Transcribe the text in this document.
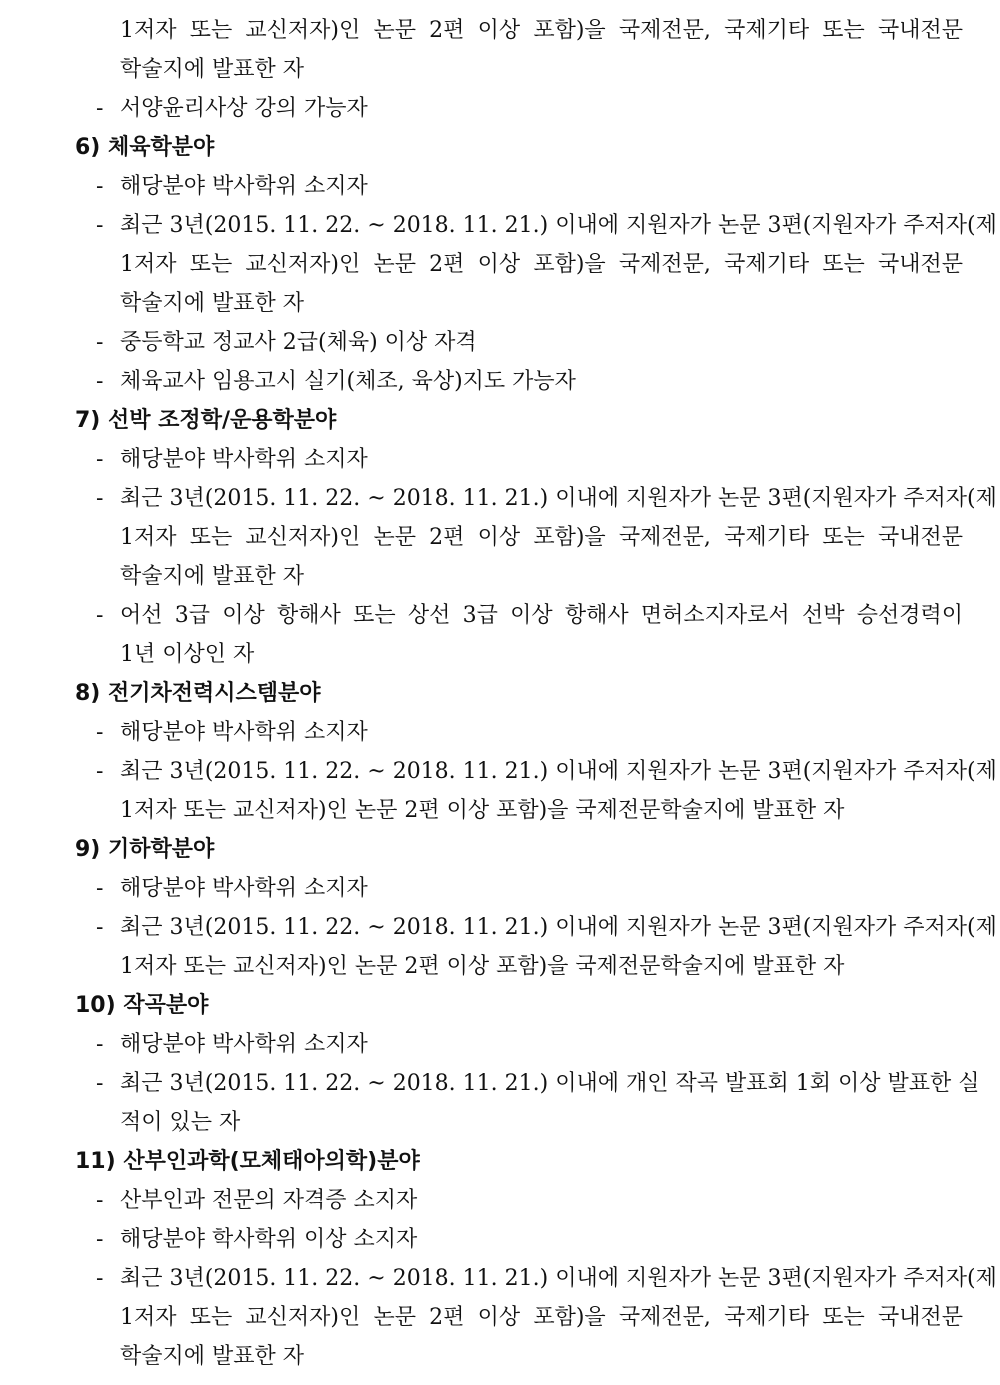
1저자 또는 교신저자)인 논문 2편 이상 포함)을 국제전문, 국제기타 또는 국내전문
학술지에 발표한 자
- 서양윤리사상 강의 가능자
6) 체육학분야
- 해당분야 박사학위 소지자
- 최근 3년(2015. 11. 22. ~ 2018. 11. 21.) 이내에 지원자가 논문 3편(지원자가 주저자(제
1저자 또는 교신저자)인 논문 2편 이상 포함)을 국제전문, 국제기타 또는 국내전문
학술지에 발표한 자
- 중등학교 정교사 2급(체육) 이상 자격
- 체육교사 임용고시 실기(체조, 육상)지도 가능자
7) 선박 조정학/운용학분야
- 해당분야 박사학위 소지자
- 최근 3년(2015. 11. 22. ~ 2018. 11. 21.) 이내에 지원자가 논문 3편(지원자가 주저자(제
1저자 또는 교신저자)인 논문 2편 이상 포함)을 국제전문, 국제기타 또는 국내전문
학술지에 발표한 자
- 어선 3급 이상 항해사 또는 상선 3급 이상 항해사 면허소지자로서 선박 승선경력이
1년 이상인 자
8) 전기차전력시스템분야
- 해당분야 박사학위 소지자
- 최근 3년(2015. 11. 22. ~ 2018. 11. 21.) 이내에 지원자가 논문 3편(지원자가 주저자(제
1저자 또는 교신저자)인 논문 2편 이상 포함)을 국제전문학술지에 발표한 자
9) 기하학분야
- 해당분야 박사학위 소지자
- 최근 3년(2015. 11. 22. ~ 2018. 11. 21.) 이내에 지원자가 논문 3편(지원자가 주저자(제
1저자 또는 교신저자)인 논문 2편 이상 포함)을 국제전문학술지에 발표한 자
10) 작곡분야
- 해당분야 박사학위 소지자
- 최근 3년(2015. 11. 22. ~ 2018. 11. 21.) 이내에 개인 작곡 발표회 1회 이상 발표한 실
적이 있는 자
11) 산부인과학(모체태아의학)분야
- 산부인과 전문의 자격증 소지자
- 해당분야 학사학위 이상 소지자
- 최근 3년(2015. 11. 22. ~ 2018. 11. 21.) 이내에 지원자가 논문 3편(지원자가 주저자(제
1저자 또는 교신저자)인 논문 2편 이상 포함)을 국제전문, 국제기타 또는 국내전문
학술지에 발표한 자
